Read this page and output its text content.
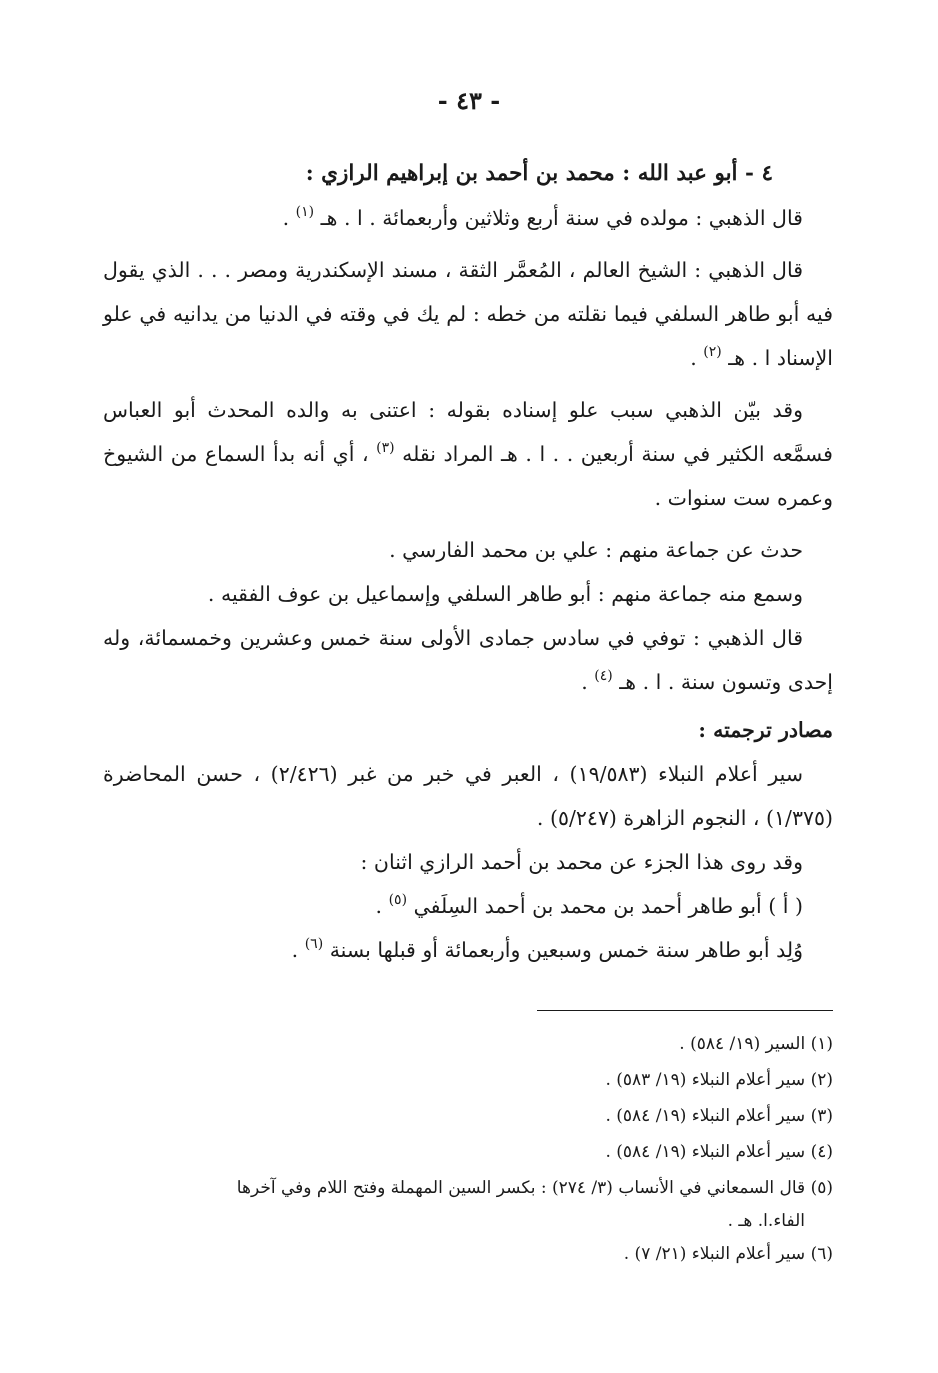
- ٤٣ -

٤ - أبو عبد الله : محمد بن أحمد بن إبراهيم الرازي :

قال الذهبي : مولده في سنة أربع وثلاثين وأربعمائة . ا . هـ $^{(١)}$ .

قال الذهبي : الشيخ العالم ، المُعمَّر الثقة ، مسند الإسكندرية ومصر . . . الذي يقول فيه أبو طاهر السلفي فيما نقلته من خطه : لم يك في وقته في الدنيا من يدانيه في علو الإسناد ا . هـ $^{(٢)}$ .

وقد بيّن الذهبي سبب علو إسناده بقوله : اعتنى به والده المحدث أبو العباس فسمَّعه الكثير في سنة أربعين . . ا . هـ المراد نقله $^{(٣)}$ ، أي أنه بدأ السماع من الشيوخ وعمره ست سنوات .

حدث عن جماعة منهم : علي بن محمد الفارسي .

وسمع منه جماعة منهم : أبو طاهر السلفي وإسماعيل بن عوف الفقيه .

قال الذهبي : توفي في سادس جمادى الأولى سنة خمس وعشرين وخمسمائة، وله إحدى وتسون سنة . ا . هـ $^{(٤)}$ .

مصادر ترجمته :

سير أعلام النبلاء (١٩/٥٨٣) ، العبر في خبر من غبر (٢/٤٢٦) ، حسن المحاضرة (١/٣٧٥) ، النجوم الزاهرة (٥/٢٤٧) .

وقد روى هذا الجزء عن محمد بن أحمد الرازي اثنان :

( أ ) أبو طاهر أحمد بن محمد بن أحمد السِلَفي $^{(٥)}$ .

وُلِد أبو طاهر سنة خمس وسبعين وأربعمائة أو قبلها بسنة $^{(٦)}$ .

(١) السير (١٩/ ٥٨٤) .

(٢) سير أعلام النبلاء (١٩/ ٥٨٣) .

(٣) سير أعلام النبلاء (١٩/ ٥٨٤) .

(٤) سير أعلام النبلاء (١٩/ ٥٨٤) .

(٥) قال السمعاني في الأنساب (٣/ ٢٧٤) : بكسر السين المهملة وفتح اللام وفي آخرها

الفاء.ا. هـ .

(٦) سير أعلام النبلاء (٢١/ ٧) .
